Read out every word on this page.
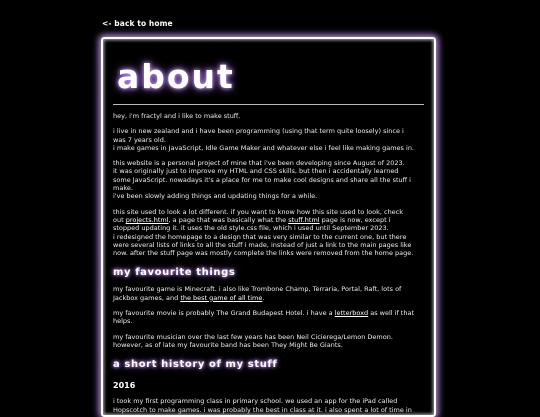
<- back to home
about

hey, i'm fractyl and i like to make stuff.

i live in new zealand and i have been programming (using that term quite loosely) since i
was 7 years old.
i make games in JavaScript, Idle Game Maker and whatever else i feel like making games in.

this website is a personal project of mine that i've been developing since August of 2023.
it was originally just to improve my HTML and CSS skills, but then i accidentally learned
some JavaScript. nowadays it's a place for me to make cool designs and share all the stuff i
make.
i've been slowly adding things and updating things for a while.

this site used to look a lot different. if you want to know how this site used to look, check
out projects.html, a page that was basically what the stuff.html page is now, except i
stopped updating it. it uses the old style.css file, which i used until September 2023.
i redesigned the homepage to a design that was very similar to the current one, but there
were several lists of links to all the stuff i made, instead of just a link to the main pages like
now. after the stuff page was mostly complete the links were removed from the home page.

my favourite things

my favourite game is Minecraft. i also like Trombone Champ, Terraria, Portal, Raft, lots of
Jackbox games, and the best game of all time.

my favourite movie is probably The Grand Budapest Hotel. i have a letterboxd as well if that
helps.

my favourite musician over the last few years has been Neil Cicierega/Lemon Demon.
however, as of late my favourite band has been They Might Be Giants.

a short history of my stuff
2016

i took my first programming class in primary school. we used an app for the iPad called
Hopscotch to make games. i was probably the best in class at it. i also spent a lot of time in
